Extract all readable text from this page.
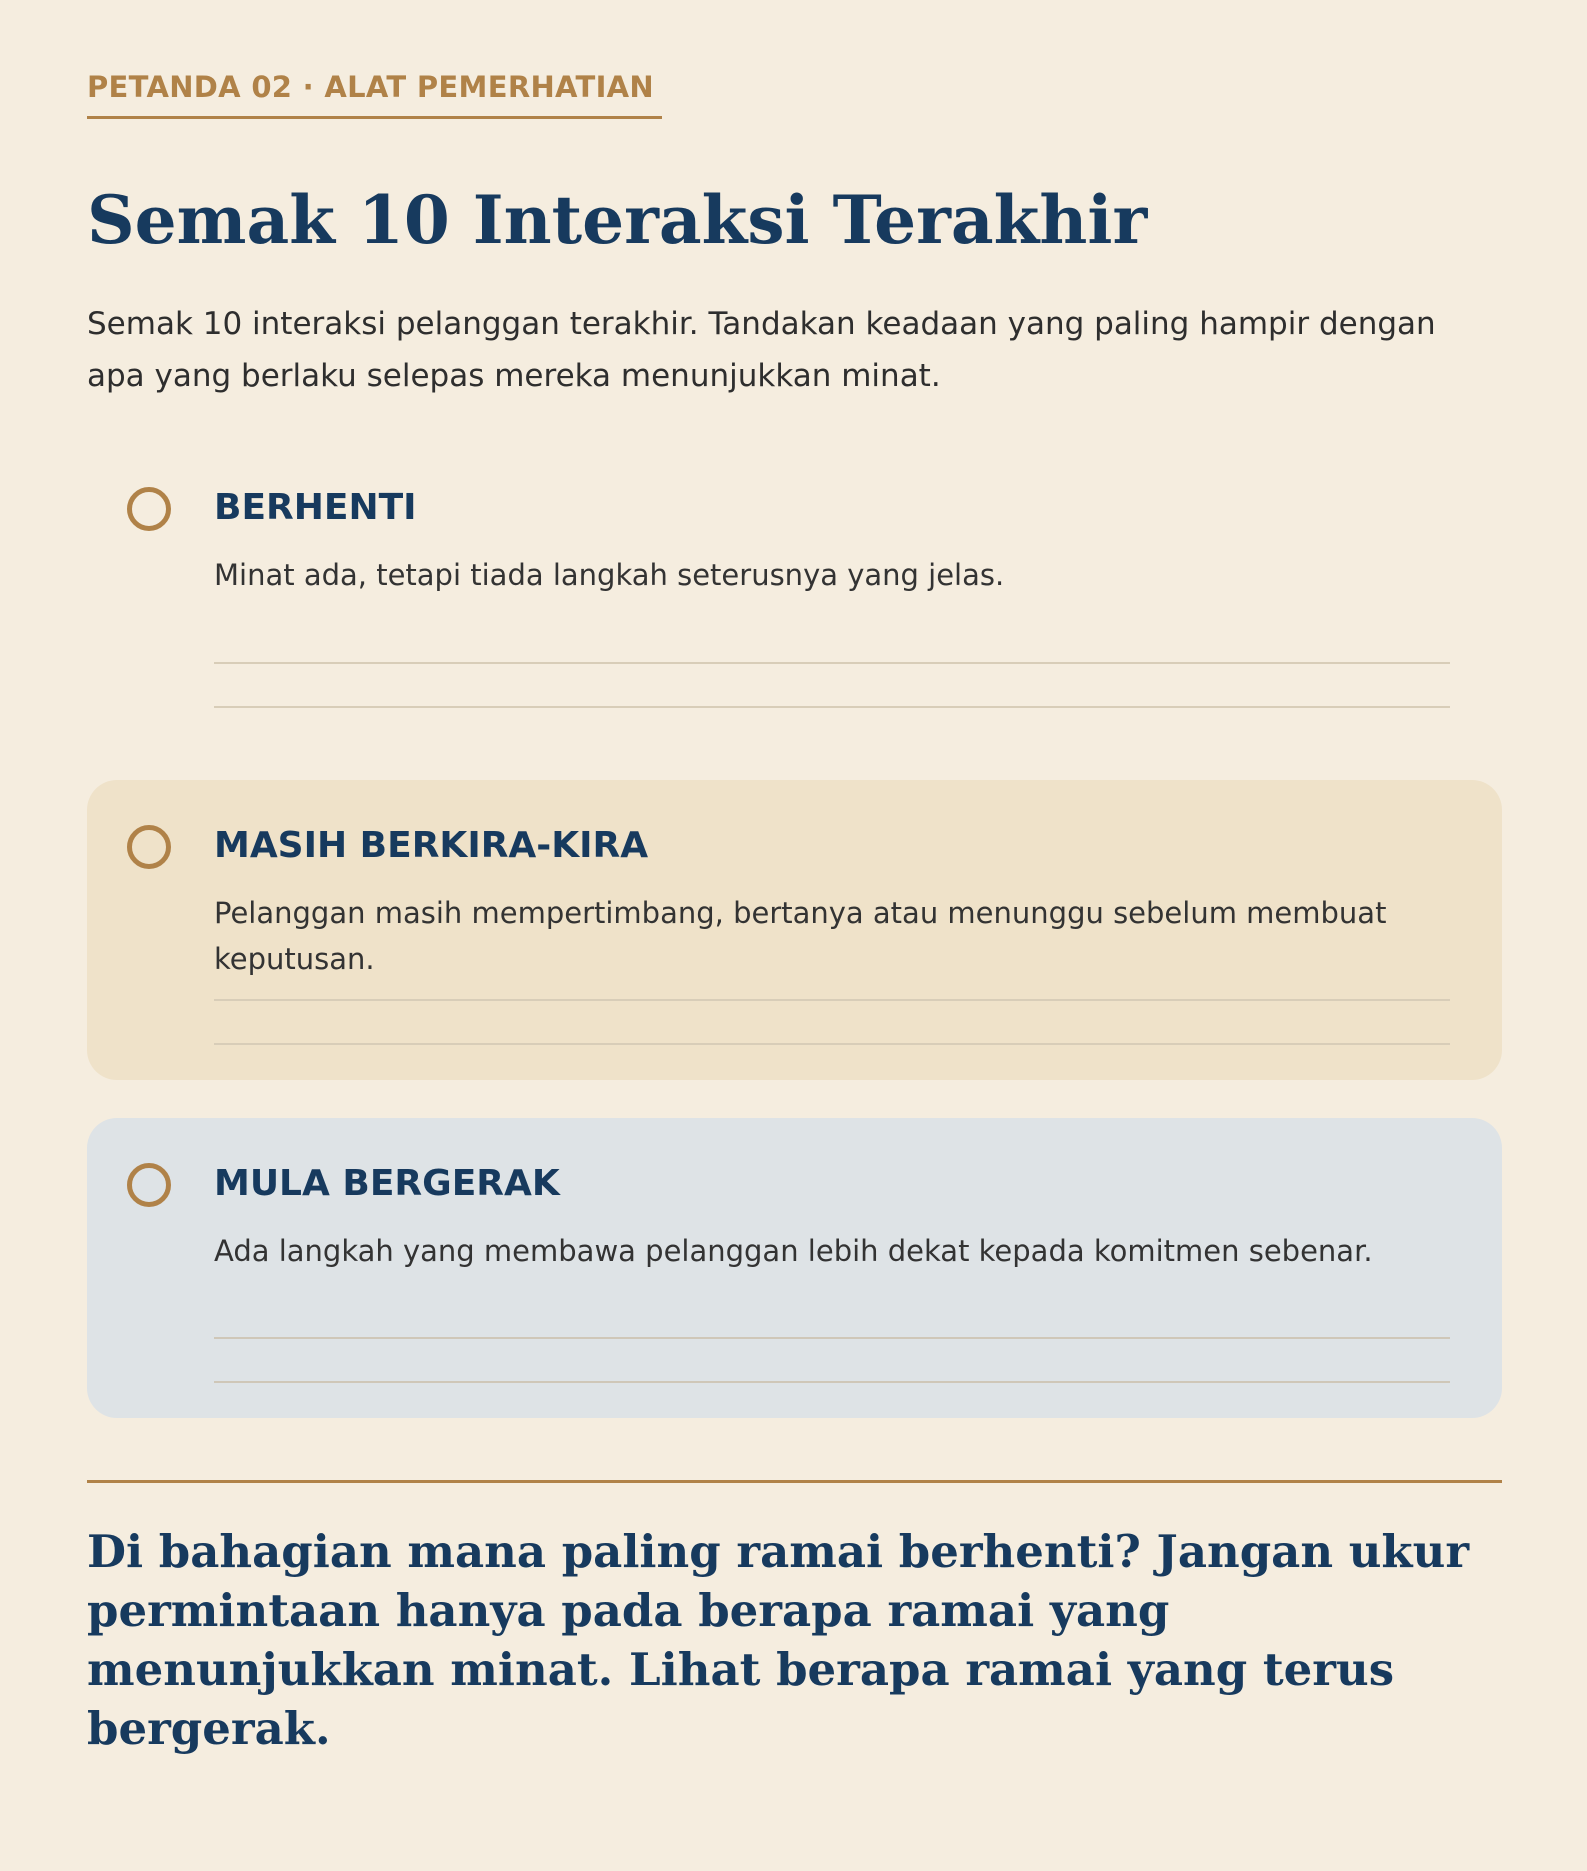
PETANDA 02 · ALAT PEMERHATIAN
Semak 10 Interaksi Terakhir

Semak 10 interaksi pelanggan terakhir. Tandakan keadaan yang paling hampir dengan apa yang berlaku selepas mereka menunjukkan minat.

BERHENTI
Minat ada, tetapi tiada langkah seterusnya yang jelas.
MASIH BERKIRA-KIRA
Pelanggan masih mempertimbang, bertanya atau menunggu sebelum membuat keputusan.
MULA BERGERAK
Ada langkah yang membawa pelanggan lebih dekat kepada komitmen sebenar.

Di bahagian mana paling ramai berhenti? Jangan ukur permintaan hanya pada berapa ramai yang menunjukkan minat. Lihat berapa ramai yang terus bergerak.
